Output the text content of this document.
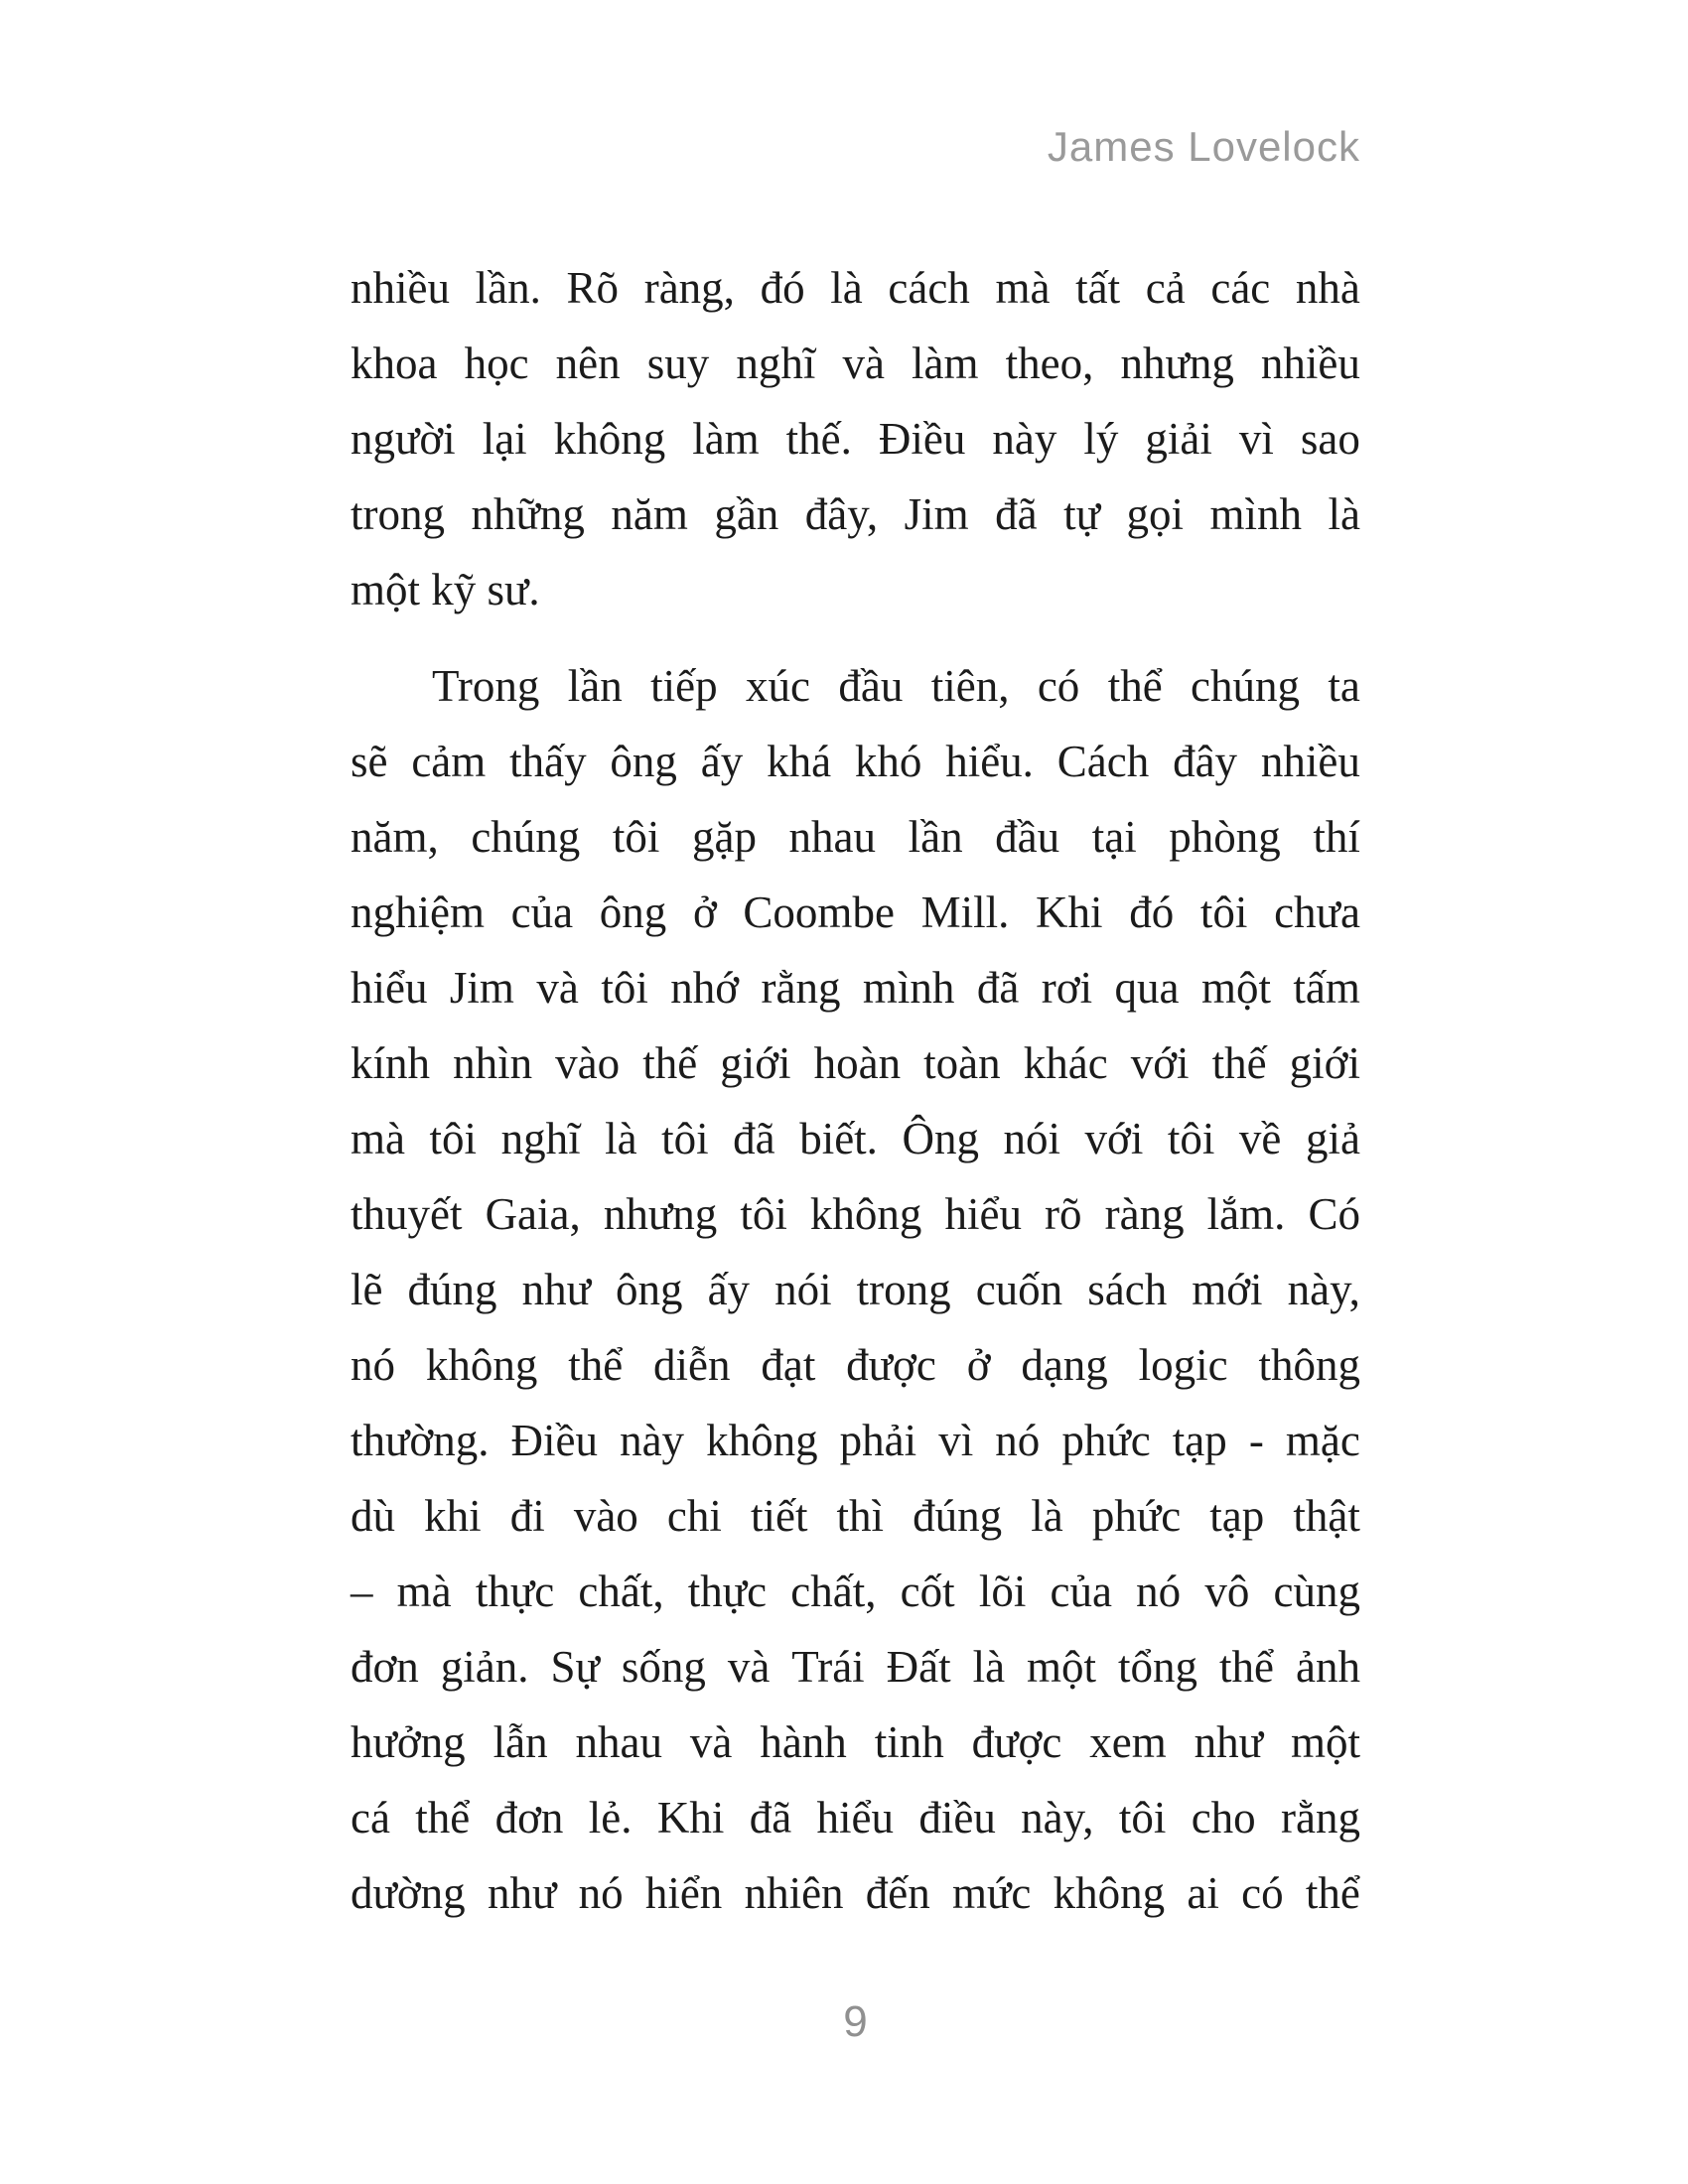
James Lovelock
nhiều lần. Rõ ràng, đó là cách mà tất cả các nhà
khoa học nên suy nghĩ và làm theo, nhưng nhiều
người lại không làm thế. Điều này lý giải vì sao
trong những năm gần đây, Jim đã tự gọi mình là
một kỹ sư.
Trong lần tiếp xúc đầu tiên, có thể chúng ta
sẽ cảm thấy ông ấy khá khó hiểu. Cách đây nhiều
năm, chúng tôi gặp nhau lần đầu tại phòng thí
nghiệm của ông ở Coombe Mill. Khi đó tôi chưa
hiểu Jim và tôi nhớ rằng mình đã rơi qua một tấm
kính nhìn vào thế giới hoàn toàn khác với thế giới
mà tôi nghĩ là tôi đã biết. Ông nói với tôi về giả
thuyết Gaia, nhưng tôi không hiểu rõ ràng lắm. Có
lẽ đúng như ông ấy nói trong cuốn sách mới này,
nó không thể diễn đạt được ở dạng logic thông
thường. Điều này không phải vì nó phức tạp - mặc
dù khi đi vào chi tiết thì đúng là phức tạp thật
– mà thực chất, thực chất, cốt lõi của nó vô cùng
đơn giản. Sự sống và Trái Đất là một tổng thể ảnh
hưởng lẫn nhau và hành tinh được xem như một
cá thể đơn lẻ. Khi đã hiểu điều này, tôi cho rằng
dường như nó hiển nhiên đến mức không ai có thể
9
